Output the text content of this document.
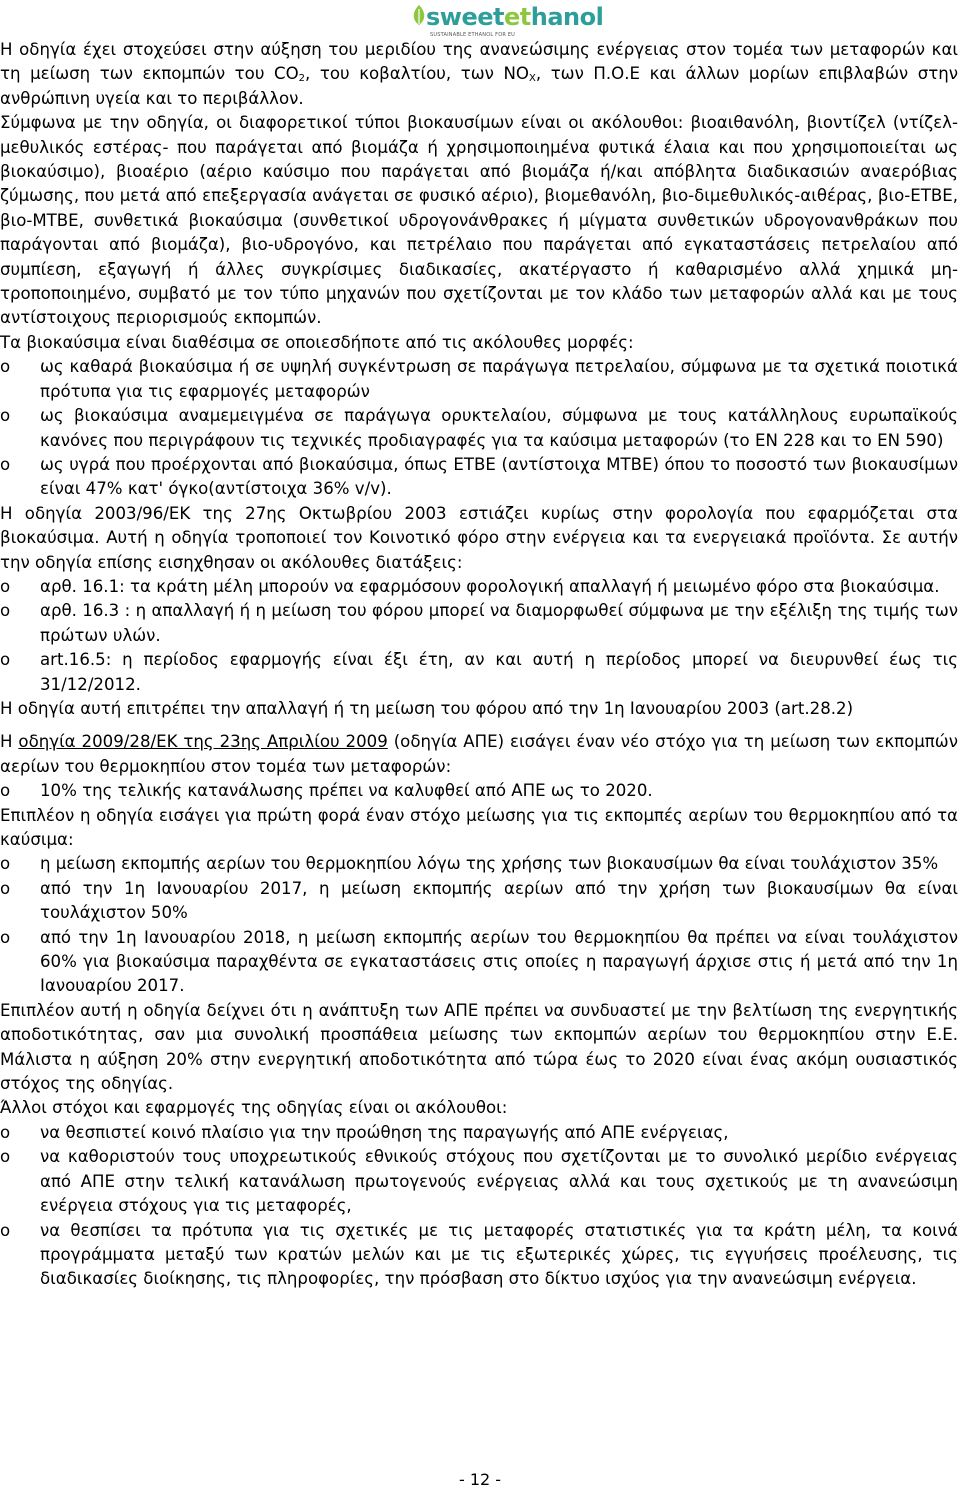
sweetethanol
SUSTAINABLE ETHANOL FOR EU

Η οδηγία έχει στοχεύσει στην αύξηση του μεριδίου της ανανεώσιμης ενέργειας στον τομέα των μεταφορών και τη μείωση των εκπομπών του $CO_2$, του κοβαλτίου, των $NO_X$, των Π.Ο.Ε και άλλων μορίων επιβλαβών στην ανθρώπινη υγεία και το περιβάλλον.

Σύμφωνα με την οδηγία, οι διαφορετικοί τύποι βιοκαυσίμων είναι οι ακόλουθοι: βιοαιθανόλη, βιοντίζελ (ντίζελ-μεθυλικός εστέρας- που παράγεται από βιομάζα ή χρησιμοποιημένα φυτικά έλαια και που χρησιμοποιείται ως βιοκαύσιμο), βιοαέριο (αέριο καύσιμο που παράγεται από βιομάζα ή/και απόβλητα διαδικασιών αναερόβιας ζύμωσης, που μετά από επεξεργασία ανάγεται σε φυσικό αέριο), βιομεθανόλη, βιο-διμεθυλικός-αιθέρας, βιο-ΕΤΒΕ, βιο-ΜΤΒΕ, συνθετικά βιοκαύσιμα (συνθετικοί υδρογονάνθρακες ή μίγματα συνθετικών υδρογονανθράκων που παράγονται από βιομάζα), βιο-υδρογόνο, και πετρέλαιο που παράγεται από εγκαταστάσεις πετρελαίου από συμπίεση, εξαγωγή ή άλλες συγκρίσιμες διαδικασίες, ακατέργαστο ή καθαρισμένο αλλά χημικά μη-τροποποιημένο, συμβατό με τον τύπο μηχανών που σχετίζονται με τον κλάδο των μεταφορών αλλά και με τους αντίστοιχους περιορισμούς εκπομπών.

Τα βιοκαύσιμα είναι διαθέσιμα σε οποιεσδήποτε από τις ακόλουθες μορφές:

o ως καθαρά βιοκαύσιμα ή σε υψηλή συγκέντρωση σε παράγωγα πετρελαίου, σύμφωνα με τα σχετικά ποιοτικά πρότυπα για τις εφαρμογές μεταφορών
o ως βιοκαύσιμα αναμεμειγμένα σε παράγωγα ορυκτελαίου, σύμφωνα με τους κατάλληλους ευρωπαϊκούς κανόνες που περιγράφουν τις τεχνικές προδιαγραφές για τα καύσιμα μεταφορών (το ΕΝ 228 και το ΕΝ 590)
o ως υγρά που προέρχονται από βιοκαύσιμα, όπως ΕΤΒΕ (αντίστοιχα ΜΤΒΕ) όπου το ποσοστό των βιοκαυσίμων είναι 47% κατ' όγκο(αντίστοιχα 36% v/v).

Η οδηγία 2003/96/ΕΚ της 27ης Οκτωβρίου 2003 εστιάζει κυρίως στην φορολογία που εφαρμόζεται στα βιοκαύσιμα. Αυτή η οδηγία τροποποιεί τον Κοινοτικό φόρο στην ενέργεια και τα ενεργειακά προϊόντα. Σε αυτήν την οδηγία επίσης εισηχθησαν οι ακόλουθες διατάξεις:

o αρθ. 16.1: τα κράτη μέλη μπορούν να εφαρμόσουν φορολογική απαλλαγή ή μειωμένο φόρο στα βιοκαύσιμα.
o αρθ. 16.3 : η απαλλαγή ή η μείωση του φόρου μπορεί να διαμορφωθεί σύμφωνα με την εξέλιξη της τιμής των πρώτων υλών.
o art.16.5: η περίοδος εφαρμογής είναι έξι έτη, αν και αυτή η περίοδος μπορεί να διευρυνθεί έως τις 31/12/2012.

Η οδηγία αυτή επιτρέπει την απαλλαγή ή τη μείωση του φόρου από την 1η Ιανουαρίου 2003 (art.28.2)

Η οδηγία 2009/28/ΕΚ της 23ης Απριλίου 2009 (οδηγία ΑΠΕ) εισάγει έναν νέο στόχο για τη μείωση των εκπομπών αερίων του θερμοκηπίου στον τομέα των μεταφορών:

o 10% της τελικής κατανάλωσης πρέπει να καλυφθεί από ΑΠΕ ως το 2020.

Επιπλέον η οδηγία εισάγει για πρώτη φορά έναν στόχο μείωσης για τις εκπομπές αερίων του θερμοκηπίου από τα καύσιμα:

o η μείωση εκπομπής αερίων του θερμοκηπίου λόγω της χρήσης των βιοκαυσίμων θα είναι τουλάχιστον 35%
o από την 1η Ιανουαρίου 2017, η μείωση εκπομπής αερίων από την χρήση των βιοκαυσίμων θα είναι τουλάχιστον 50%
o από την 1η Ιανουαρίου 2018, η μείωση εκπομπής αερίων του θερμοκηπίου θα πρέπει να είναι τουλάχιστον 60% για βιοκαύσιμα παραχθέντα σε εγκαταστάσεις στις οποίες η παραγωγή άρχισε στις ή μετά από την 1η Ιανουαρίου 2017.

Επιπλέον αυτή η οδηγία δείχνει ότι η ανάπτυξη των ΑΠΕ πρέπει να συνδυαστεί με την βελτίωση της ενεργητικής αποδοτικότητας, σαν μια συνολική προσπάθεια μείωσης των εκπομπών αερίων του θερμοκηπίου στην Ε.Ε. Μάλιστα η αύξηση 20% στην ενεργητική αποδοτικότητα από τώρα έως το 2020 είναι ένας ακόμη ουσιαστικός στόχος της οδηγίας.

Άλλοι στόχοι και εφαρμογές της οδηγίας είναι οι ακόλουθοι:

o να θεσπιστεί κοινό πλαίσιο για την προώθηση της παραγωγής από ΑΠΕ ενέργειας,
o να καθοριστούν τους υποχρεωτικούς εθνικούς στόχους που σχετίζονται με το συνολικό μερίδιο ενέργειας από ΑΠΕ στην τελική κατανάλωση πρωτογενούς ενέργειας αλλά και τους σχετικούς με τη ανανεώσιμη ενέργεια στόχους για τις μεταφορές,
o να θεσπίσει τα πρότυπα για τις σχετικές με τις μεταφορές στατιστικές για τα κράτη μέλη, τα κοινά προγράμματα μεταξύ των κρατών μελών και με τις εξωτερικές χώρες, τις εγγυήσεις προέλευσης, τις διαδικασίες διοίκησης, τις πληροφορίες, την πρόσβαση στο δίκτυο ισχύος για την ανανεώσιμη ενέργεια.
- 12 -
